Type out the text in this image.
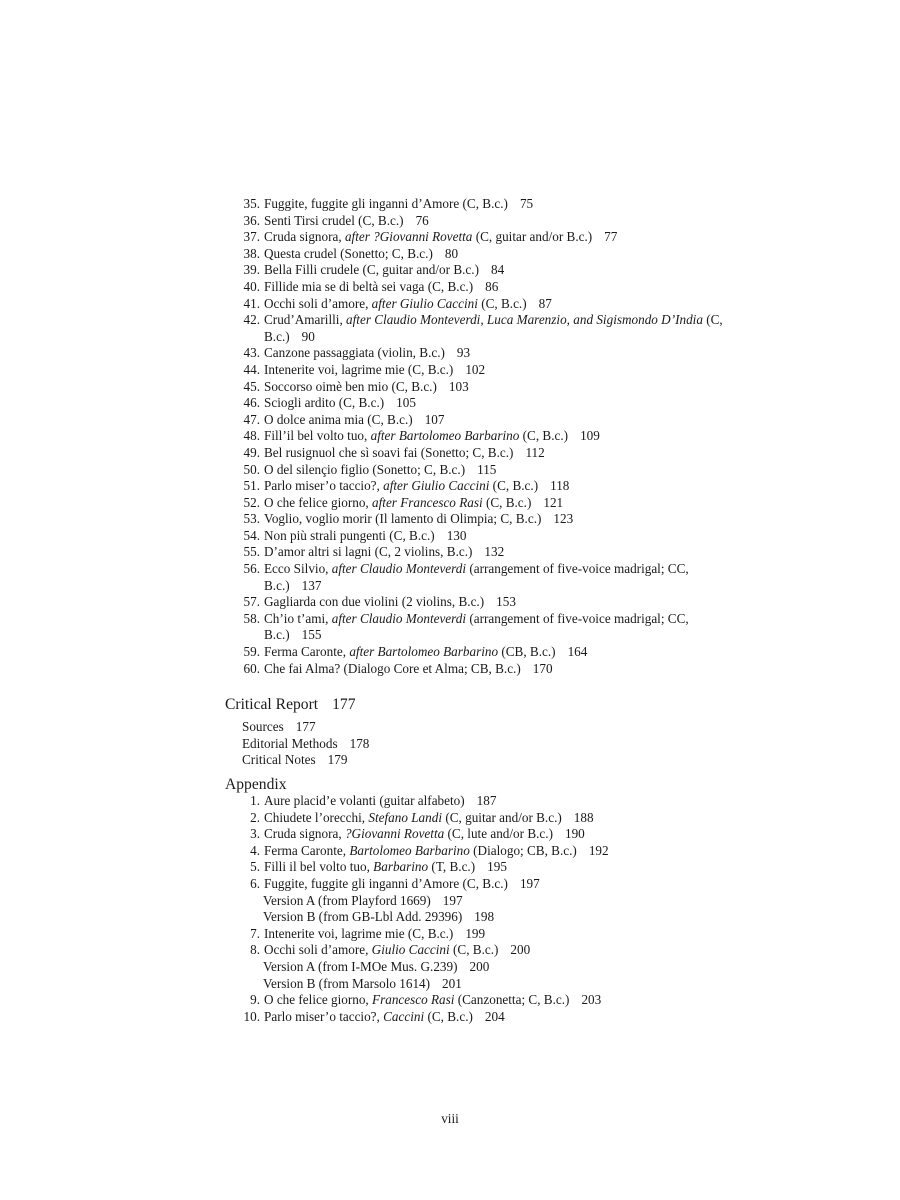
35. Fuggite, fuggite gli inganni d’Amore (C, B.c.) 75
36. Senti Tirsi crudel (C, B.c.) 76
37. Cruda signora, after ?Giovanni Rovetta (C, guitar and/or B.c.) 77
38. Questa crudel (Sonetto; C, B.c.) 80
39. Bella Filli crudele (C, guitar and/or B.c.) 84
40. Fillide mia se di beltà sei vaga (C, B.c.) 86
41. Occhi soli d’amore, after Giulio Caccini (C, B.c.) 87
42. Crud’Amarilli, after Claudio Monteverdi, Luca Marenzio, and Sigismondo D’India (C, B.c.) 90
43. Canzone passaggiata (violin, B.c.) 93
44. Intenerite voi, lagrime mie (C, B.c.) 102
45. Soccorso oimè ben mio (C, B.c.) 103
46. Sciogli ardito (C, B.c.) 105
47. O dolce anima mia (C, B.c.) 107
48. Fill’il bel volto tuo, after Bartolomeo Barbarino (C, B.c.) 109
49. Bel rusignuol che sì soavi fai (Sonetto; C, B.c.) 112
50. O del silençio figlio (Sonetto; C, B.c.) 115
51. Parlo miser’o taccio?, after Giulio Caccini (C, B.c.) 118
52. O che felice giorno, after Francesco Rasi (C, B.c.) 121
53. Voglio, voglio morir (Il lamento di Olimpia; C, B.c.) 123
54. Non più strali pungenti (C, B.c.) 130
55. D’amor altri si lagni (C, 2 violins, B.c.) 132
56. Ecco Silvio, after Claudio Monteverdi (arrangement of five-voice madrigal; CC, B.c.) 137
57. Gagliarda con due violini (2 violins, B.c.) 153
58. Ch’io t’ami, after Claudio Monteverdi (arrangement of five-voice madrigal; CC, B.c.) 155
59. Ferma Caronte, after Bartolomeo Barbarino (CB, B.c.) 164
60. Che fai Alma? (Dialogo Core et Alma; CB, B.c.) 170
Critical Report 177
Sources 177
Editorial Methods 178
Critical Notes 179
Appendix
1. Aure placid’e volanti (guitar alfabeto) 187
2. Chiudete l’orecchi, Stefano Landi (C, guitar and/or B.c.) 188
3. Cruda signora, ?Giovanni Rovetta (C, lute and/or B.c.) 190
4. Ferma Caronte, Bartolomeo Barbarino (Dialogo; CB, B.c.) 192
5. Filli il bel volto tuo, Barbarino (T, B.c.) 195
6. Fuggite, fuggite gli inganni d’Amore (C, B.c.) 197
Version A (from Playford 1669) 197
Version B (from GB-Lbl Add. 29396) 198
7. Intenerite voi, lagrime mie (C, B.c.) 199
8. Occhi soli d’amore, Giulio Caccini (C, B.c.) 200
Version A (from I-MOe Mus. G.239) 200
Version B (from Marsolo 1614) 201
9. O che felice giorno, Francesco Rasi (Canzonetta; C, B.c.) 203
10. Parlo miser’o taccio?, Caccini (C, B.c.) 204
viii
